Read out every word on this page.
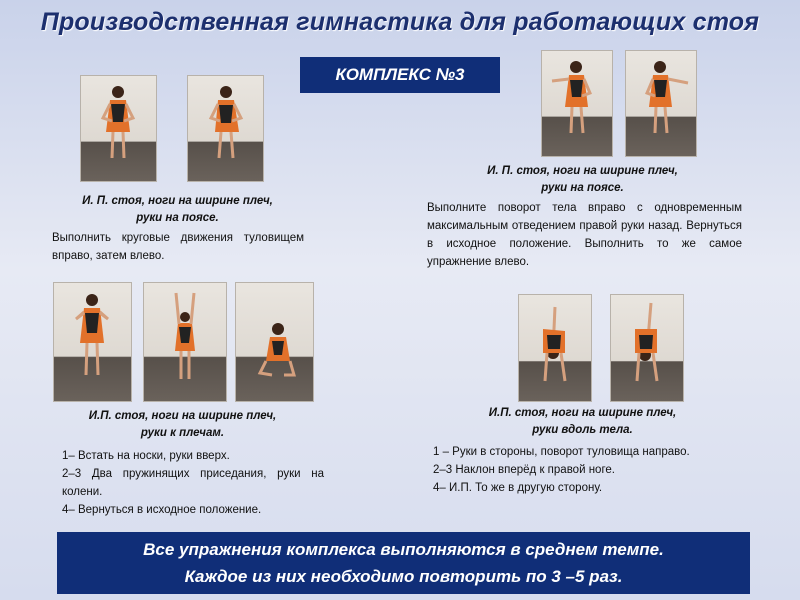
Производственная гимнастика для работающих стоя
КОМПЛЕКС №3
И. П. стоя, ноги на ширине плеч,
руки на поясе.

Выполнить круговые движения туловищем вправо, затем влево.

И. П. стоя, ноги на ширине плеч,
руки на поясе.

Выполните поворот тела вправо с одновременным максимальным отведением правой руки назад. Вернуться в исходное положение. Выполнить то же самое упражнение влево.

И.П. стоя, ноги на ширине плеч,
руки к плечам.

1– Встать на носки, руки вверх.

2–3 Два пружинящих приседания, руки на колени.

4– Вернуться в исходное положение.

И.П. стоя, ноги на ширине плеч,
руки вдоль тела.

1 – Руки в стороны, поворот туловища направо.

2–3 Наклон вперёд к правой ноге.

4– И.П. То же в другую сторону.

Все упражнения комплекса выполняются в среднем темпе.
Каждое из них необходимо повторить по 3 –5 раз.
